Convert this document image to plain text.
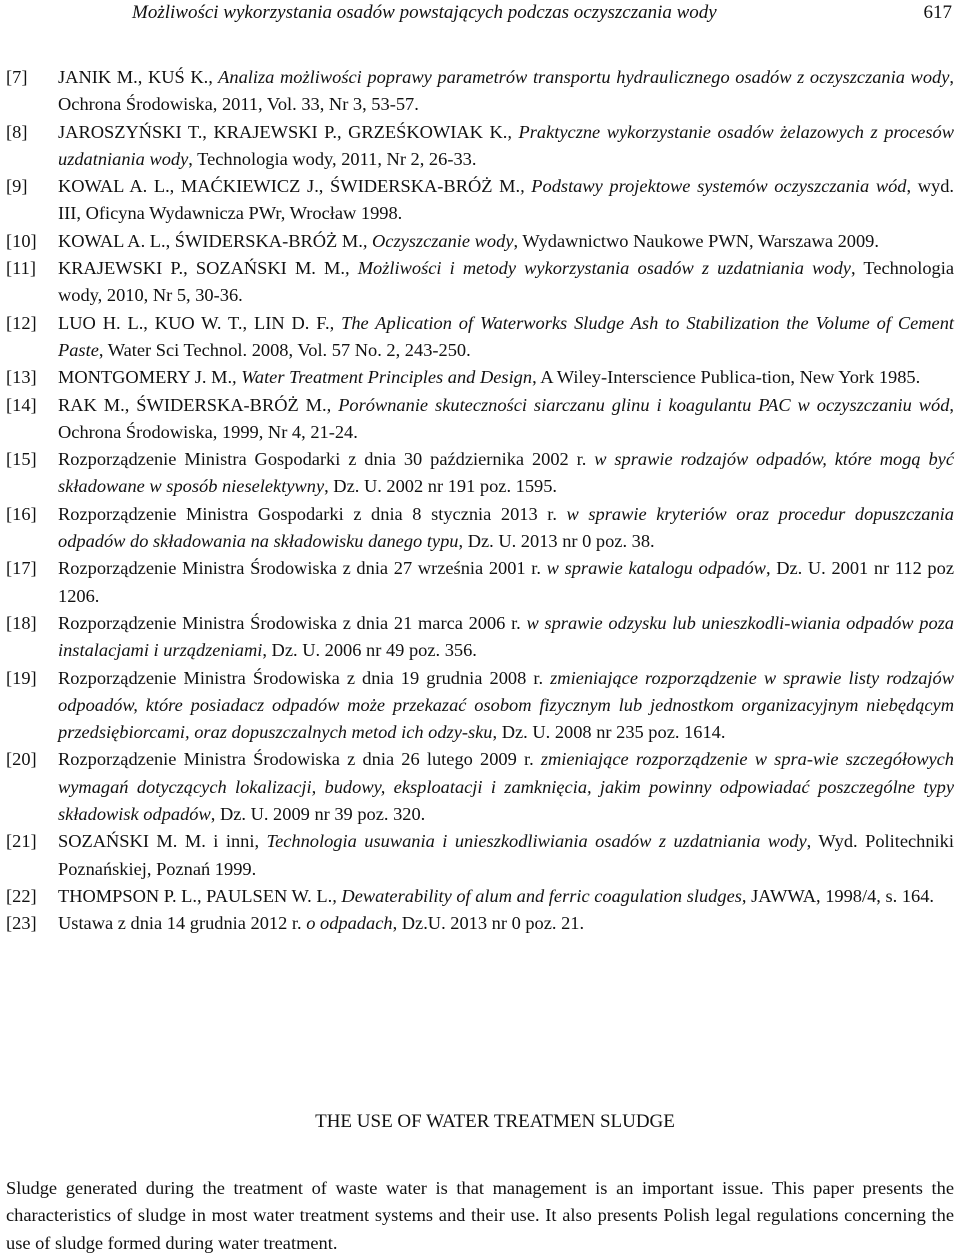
Możliwości wykorzystania osadów powstających podczas oczyszczania wody	617
[7]	JANIK M., KUŚ K., Analiza możliwości poprawy parametrów transportu hydraulicznego osadów z oczyszczania wody, Ochrona Środowiska, 2011, Vol. 33, Nr 3, 53-57.
[8]	JAROSZYŃSKI T., KRAJEWSKI P., GRZEŚKOWIAK K., Praktyczne wykorzystanie osadów żelazowych z procesów uzdatniania wody, Technologia wody, 2011, Nr 2, 26-33.
[9]	KOWAL A. L., MAĆKIEWICZ J., ŚWIDERSKA-BRÓŻ M., Podstawy projektowe systemów oczyszczania wód, wyd. III, Oficyna Wydawnicza PWr, Wrocław 1998.
[10]	KOWAL A. L., ŚWIDERSKA-BRÓŻ M., Oczyszczanie wody, Wydawnictwo Naukowe PWN, Warszawa 2009.
[11]	KRAJEWSKI P., SOZAŃSKI M. M., Możliwości i metody wykorzystania osadów z uzdatniania wody, Technologia wody, 2010, Nr 5, 30-36.
[12]	LUO H. L., KUO W. T., LIN D. F., The Aplication of Waterworks Sludge Ash to Stabilization the Volume of Cement Paste, Water Sci Technol. 2008, Vol. 57 No. 2, 243-250.
[13]	MONTGOMERY J. M., Water Treatment Principles and Design, A Wiley-Interscience Publica-tion, New York 1985.
[14]	RAK M., ŚWIDERSKA-BRÓŻ M., Porównanie skuteczności siarczanu glinu i koagulantu PAC w oczyszczaniu wód, Ochrona Środowiska, 1999, Nr 4, 21-24.
[15]	Rozporządzenie Ministra Gospodarki z dnia 30 października 2002 r. w sprawie rodzajów odpadów, które mogą być składowane w sposób nieselektywny, Dz. U. 2002 nr 191 poz. 1595.
[16]	Rozporządzenie Ministra Gospodarki z dnia 8 stycznia 2013 r. w sprawie kryteriów oraz procedur dopuszczania odpadów do składowania na składowisku danego typu, Dz. U. 2013 nr 0 poz. 38.
[17]	Rozporządzenie Ministra Środowiska z dnia 27 września 2001 r. w sprawie katalogu odpadów, Dz. U. 2001 nr 112 poz 1206.
[18]	Rozporządzenie Ministra Środowiska z dnia 21 marca 2006 r. w sprawie odzysku lub unieszkodli-wiania odpadów poza instalacjami i urządzeniami, Dz. U. 2006 nr 49 poz. 356.
[19]	Rozporządzenie Ministra Środowiska z dnia 19 grudnia 2008 r. zmieniające rozporządzenie w sprawie listy rodzajów odpoadów, które posiadacz odpadów może przekazać osobom fizycznym lub jednostkom organizacyjnym niebędącym przedsiębiorcami, oraz dopuszczalnych metod ich odzy-sku, Dz. U. 2008 nr 235 poz. 1614.
[20]	Rozporządzenie Ministra Środowiska z dnia 26 lutego 2009 r. zmieniające rozporządzenie w spra-wie szczegółowych wymagań dotyczących lokalizacji, budowy, eksploatacji i zamknięcia, jakim powinny odpowiadać poszczególne typy składowisk odpadów, Dz. U. 2009 nr 39 poz. 320.
[21]	SOZAŃSKI M. M. i inni, Technologia usuwania i unieszkodliwiania osadów z uzdatniania wody, Wyd. Politechniki Poznańskiej, Poznań 1999.
[22]	THOMPSON P. L., PAULSEN W. L., Dewaterability of alum and ferric coagulation sludges, JAWWA, 1998/4, s. 164.
[23]	Ustawa z dnia 14 grudnia 2012 r. o odpadach, Dz.U. 2013 nr 0 poz. 21.
THE USE OF WATER TREATMEN SLUDGE
Sludge generated during the treatment of waste water is that management is an important issue. This paper presents the characteristics of sludge in most water treatment systems and their use. It also presents Polish legal regulations concerning the use of sludge formed during water treatment.
